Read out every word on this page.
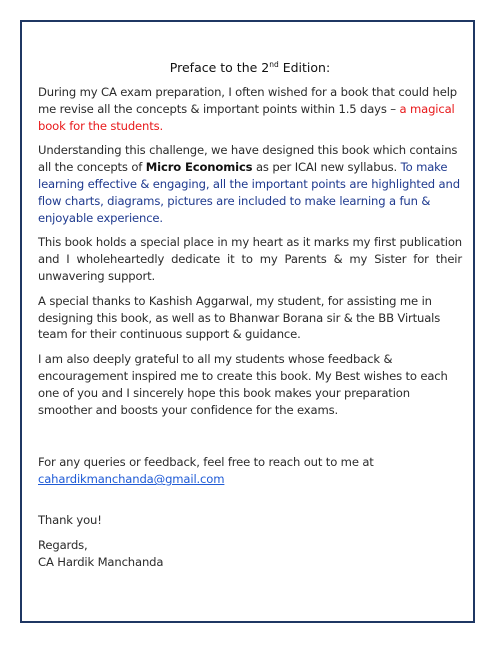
Preface to the 2nd Edition:

During my CA exam preparation, I often wished for a book that could help me revise all the concepts & important points within 1.5 days – a magical book for the students.

Understanding this challenge, we have designed this book which contains all the concepts of Micro Economics as per ICAI new syllabus. To make learning effective & engaging, all the important points are highlighted and flow charts, diagrams, pictures are included to make learning a fun & enjoyable experience.

This book holds a special place in my heart as it marks my first publication and I wholeheartedly dedicate it to my Parents & my Sister for their unwavering support.

A special thanks to Kashish Aggarwal, my student, for assisting me in designing this book, as well as to Bhanwar Borana sir & the BB Virtuals team for their continuous support & guidance.

I am also deeply grateful to all my students whose feedback & encouragement inspired me to create this book. My Best wishes to each one of you and I sincerely hope this book makes your preparation smoother and boosts your confidence for the exams.

For any queries or feedback, feel free to reach out to me at

cahardikmanchanda@gmail.com

Thank you!

Regards,

CA Hardik Manchanda
